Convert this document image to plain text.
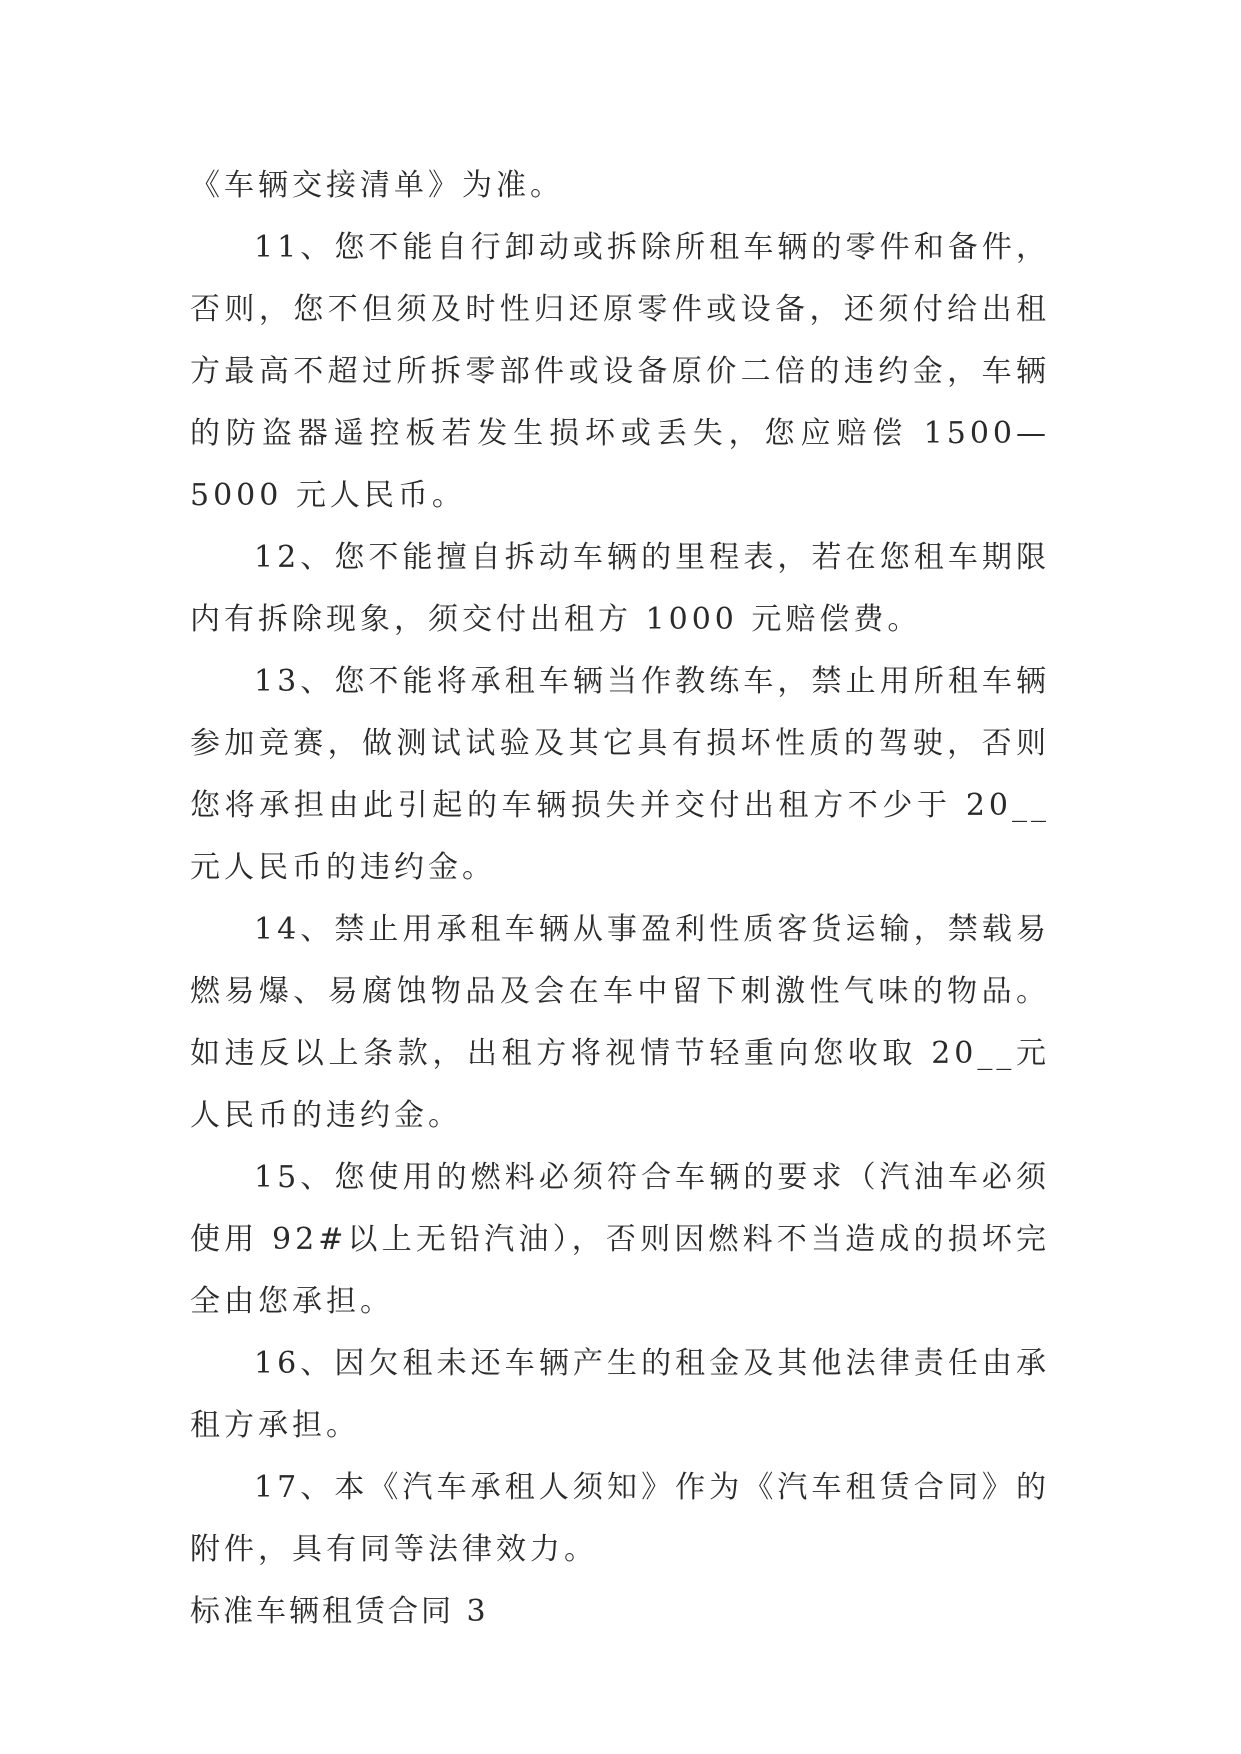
《车辆交接清单》为准。

11、您不能自行卸动或拆除所租车辆的零件和备件，否则，您不但须及时性归还原零件或设备，还须付给出租方最高不超过所拆零部件或设备原价二倍的违约金，车辆的防盗器遥控板若发生损坏或丢失，您应赔偿 1500—5000 元人民币。

12、您不能擅自拆动车辆的里程表，若在您租车期限内有拆除现象，须交付出租方 1000 元赔偿费。

13、您不能将承租车辆当作教练车，禁止用所租车辆参加竞赛，做测试试验及其它具有损坏性质的驾驶，否则您将承担由此引起的车辆损失并交付出租方不少于 20__元人民币的违约金。

14、禁止用承租车辆从事盈利性质客货运输，禁载易燃易爆、易腐蚀物品及会在车中留下刺激性气味的物品。如违反以上条款，出租方将视情节轻重向您收取 20__元人民币的违约金。

15、您使用的燃料必须符合车辆的要求（汽油车必须使用 92#以上无铅汽油），否则因燃料不当造成的损坏完全由您承担。

16、因欠租未还车辆产生的租金及其他法律责任由承租方承担。

17、本《汽车承租人须知》作为《汽车租赁合同》的附件，具有同等法律效力。

标准车辆租赁合同 3
